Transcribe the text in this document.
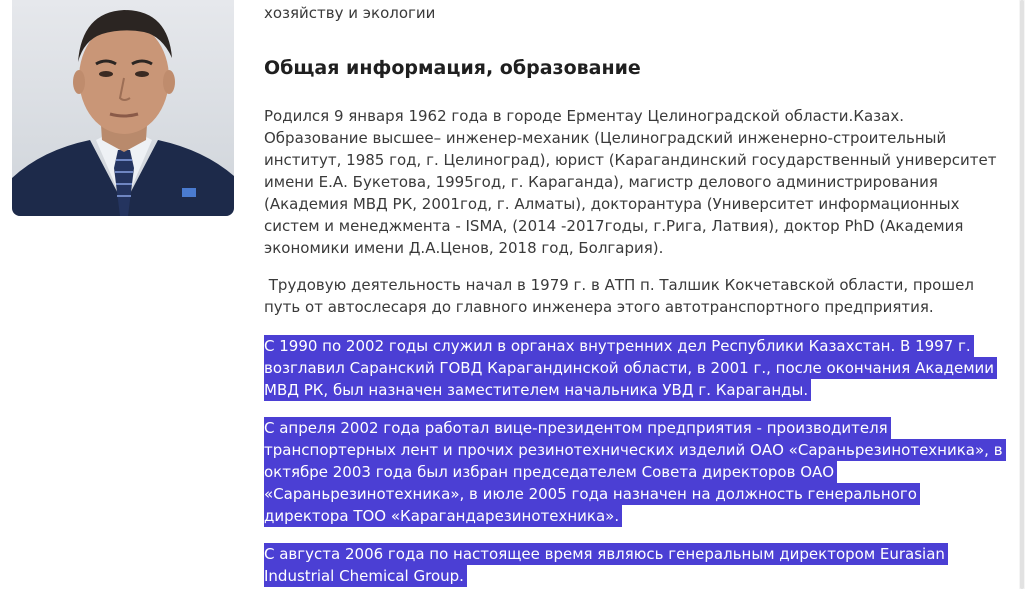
хозяйству и экологии
Общая информация, образование
Родился 9 января 1962 года в городе Ерментау Целиноградской области.Казах.
Образование высшее– инженер-механик (Целиноградский инженерно-строительный
институт, 1985 год, г. Целиноград), юрист (Карагандинский государственный университет
имени Е.А. Букетова, 1995год, г. Караганда), магистр делового администрирования
(Академия МВД РК, 2001год, г. Алматы), докторантура (Университет информационных
систем и менеджмента - ISMA, (2014 -2017годы, г.Рига, Латвия), доктор PhD (Академия
экономики имени Д.А.Ценов, 2018 год, Болгария).
Трудовую деятельность начал в 1979 г. в АТП п. Талшик Кокчетавской области, прошел
путь от автослесаря до главного инженера этого автотранспортного предприятия.
С 1990 по 2002 годы служил в органах внутренних дел Республики Казахстан. В 1997 г.
возглавил Саранский ГОВД Карагандинской области, в 2001 г., после окончания Академии
МВД РК, был назначен заместителем начальника УВД г. Караганды.
С апреля 2002 года работал вице-президентом предприятия - производителя
транспортерных лент и прочих резинотехнических изделий ОАО «Сараньрезинотехника», в
октябре 2003 года был избран председателем Совета директоров ОАО
«Сараньрезинотехника», в июле 2005 года назначен на должность генерального
директора ТОО «Карагандарезинотехника».
С августа 2006 года по настоящее время являюсь генеральным директором Eurasian
Industrial Chemical Group.
